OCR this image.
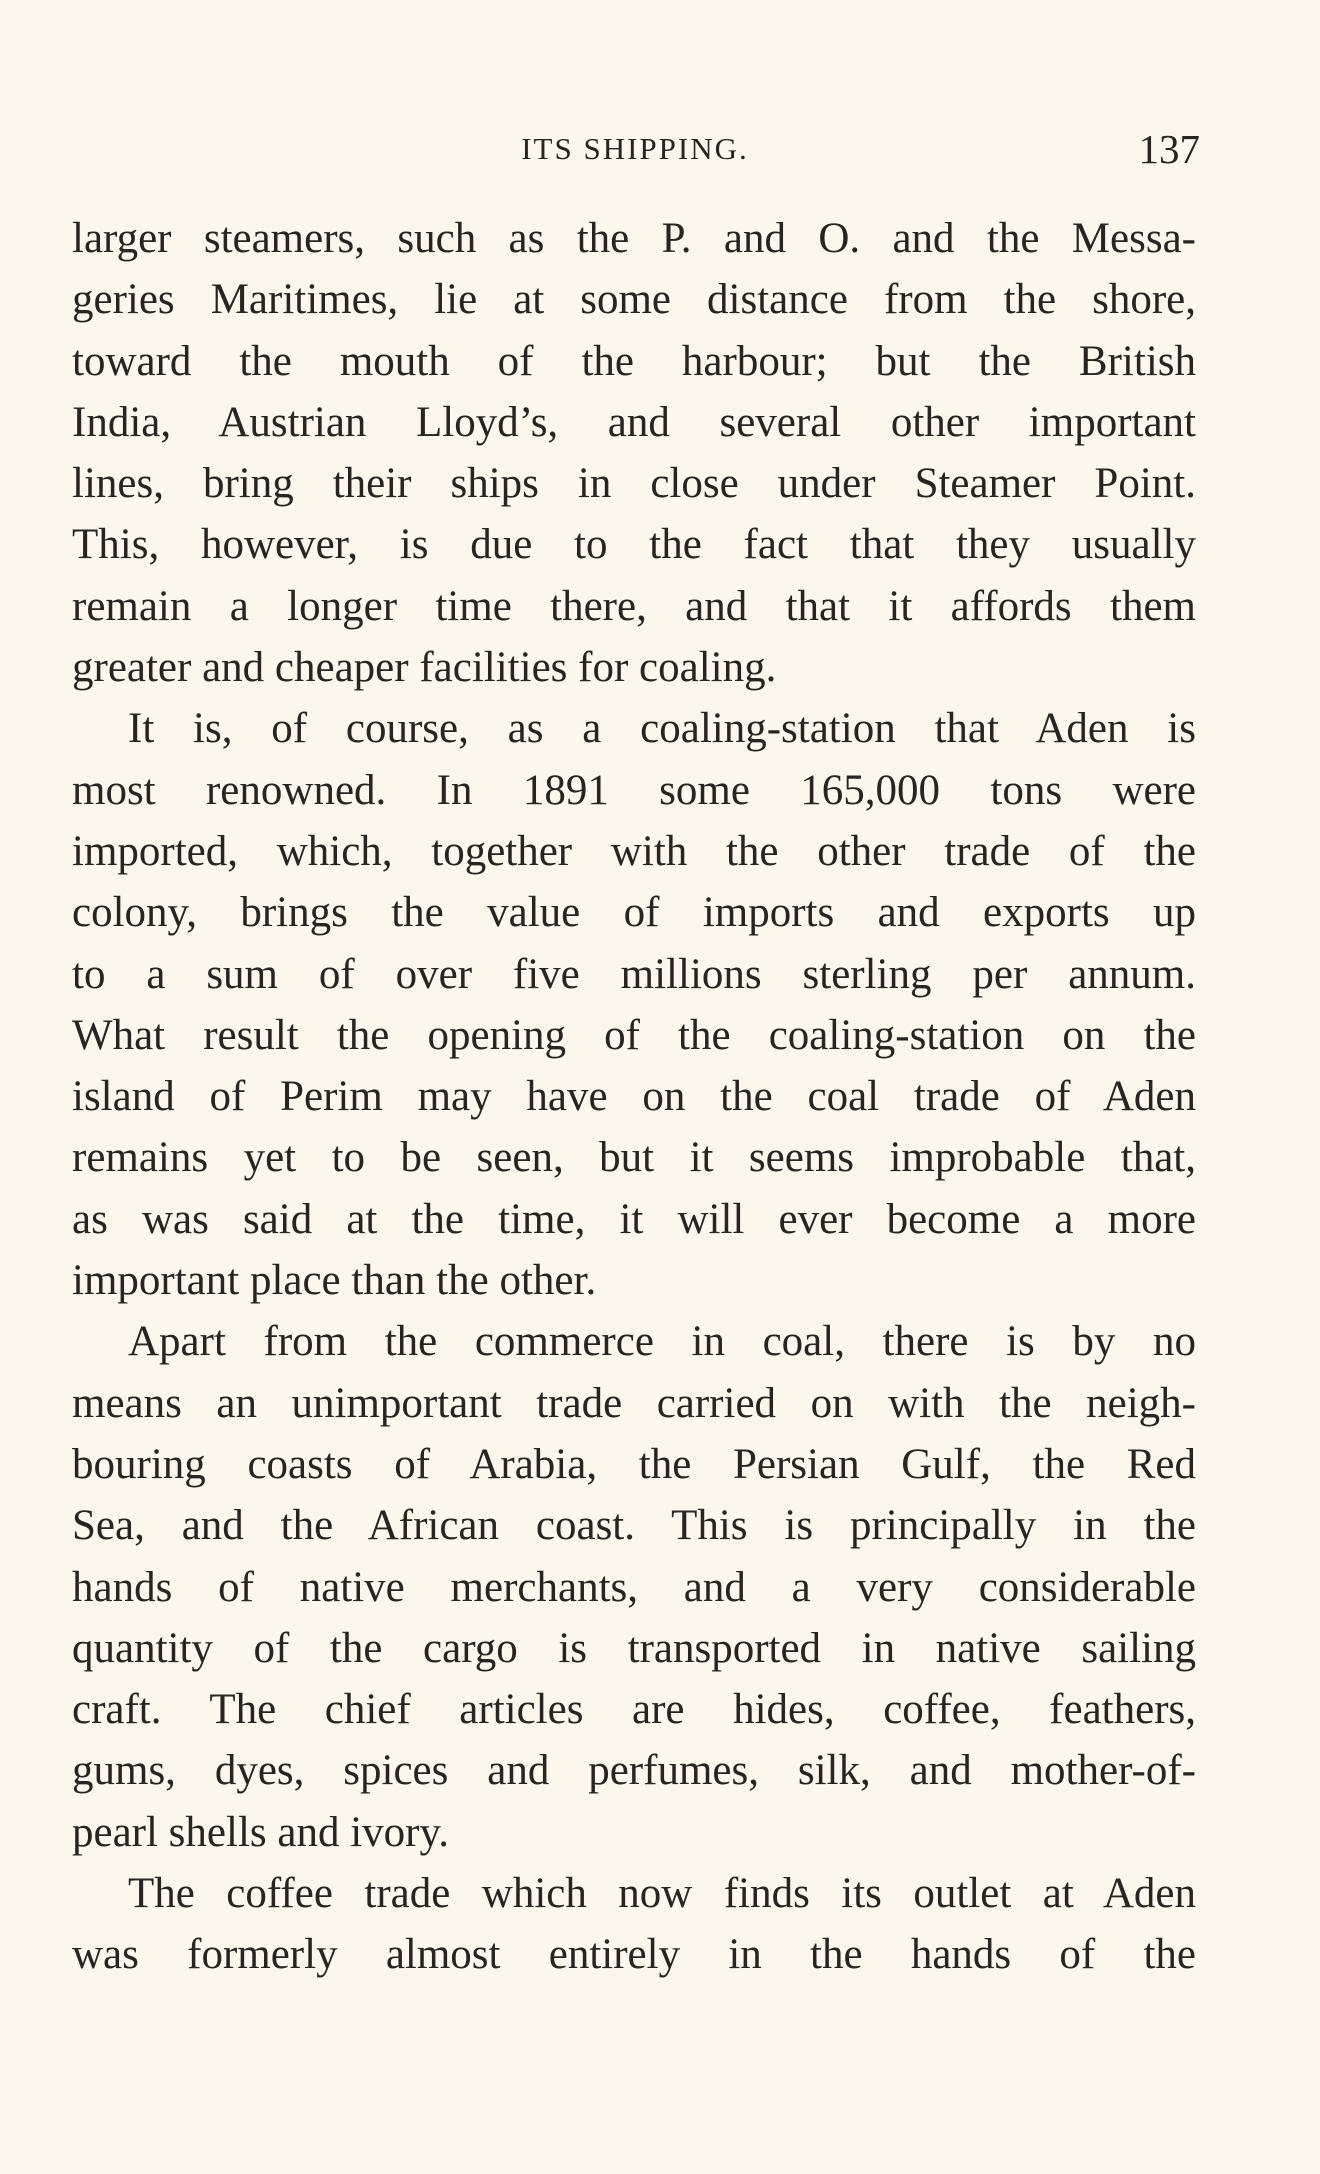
ITS SHIPPING.	137

larger steamers, such as the P. and O. and the Messa-
geries Maritimes, lie at some distance from the shore,
toward the mouth of the harbour; but the British
India, Austrian Lloyd’s, and several other important
lines, bring their ships in close under Steamer Point.
This, however, is due to the fact that they usually
remain a longer time there, and that it affords them
greater and cheaper facilities for coaling.

It is, of course, as a coaling-station that Aden is
most renowned. In 1891 some 165,000 tons were
imported, which, together with the other trade of the
colony, brings the value of imports and exports up
to a sum of over five millions sterling per annum.
What result the opening of the coaling-station on the
island of Perim may have on the coal trade of Aden
remains yet to be seen, but it seems improbable that,
as was said at the time, it will ever become a more
important place than the other.

Apart from the commerce in coal, there is by no
means an unimportant trade carried on with the neigh-
bouring coasts of Arabia, the Persian Gulf, the Red
Sea, and the African coast. This is principally in the
hands of native merchants, and a very considerable
quantity of the cargo is transported in native sailing
craft. The chief articles are hides, coffee, feathers,
gums, dyes, spices and perfumes, silk, and mother-of-
pearl shells and ivory.

The coffee trade which now finds its outlet at Aden
was formerly almost entirely in the hands of the
